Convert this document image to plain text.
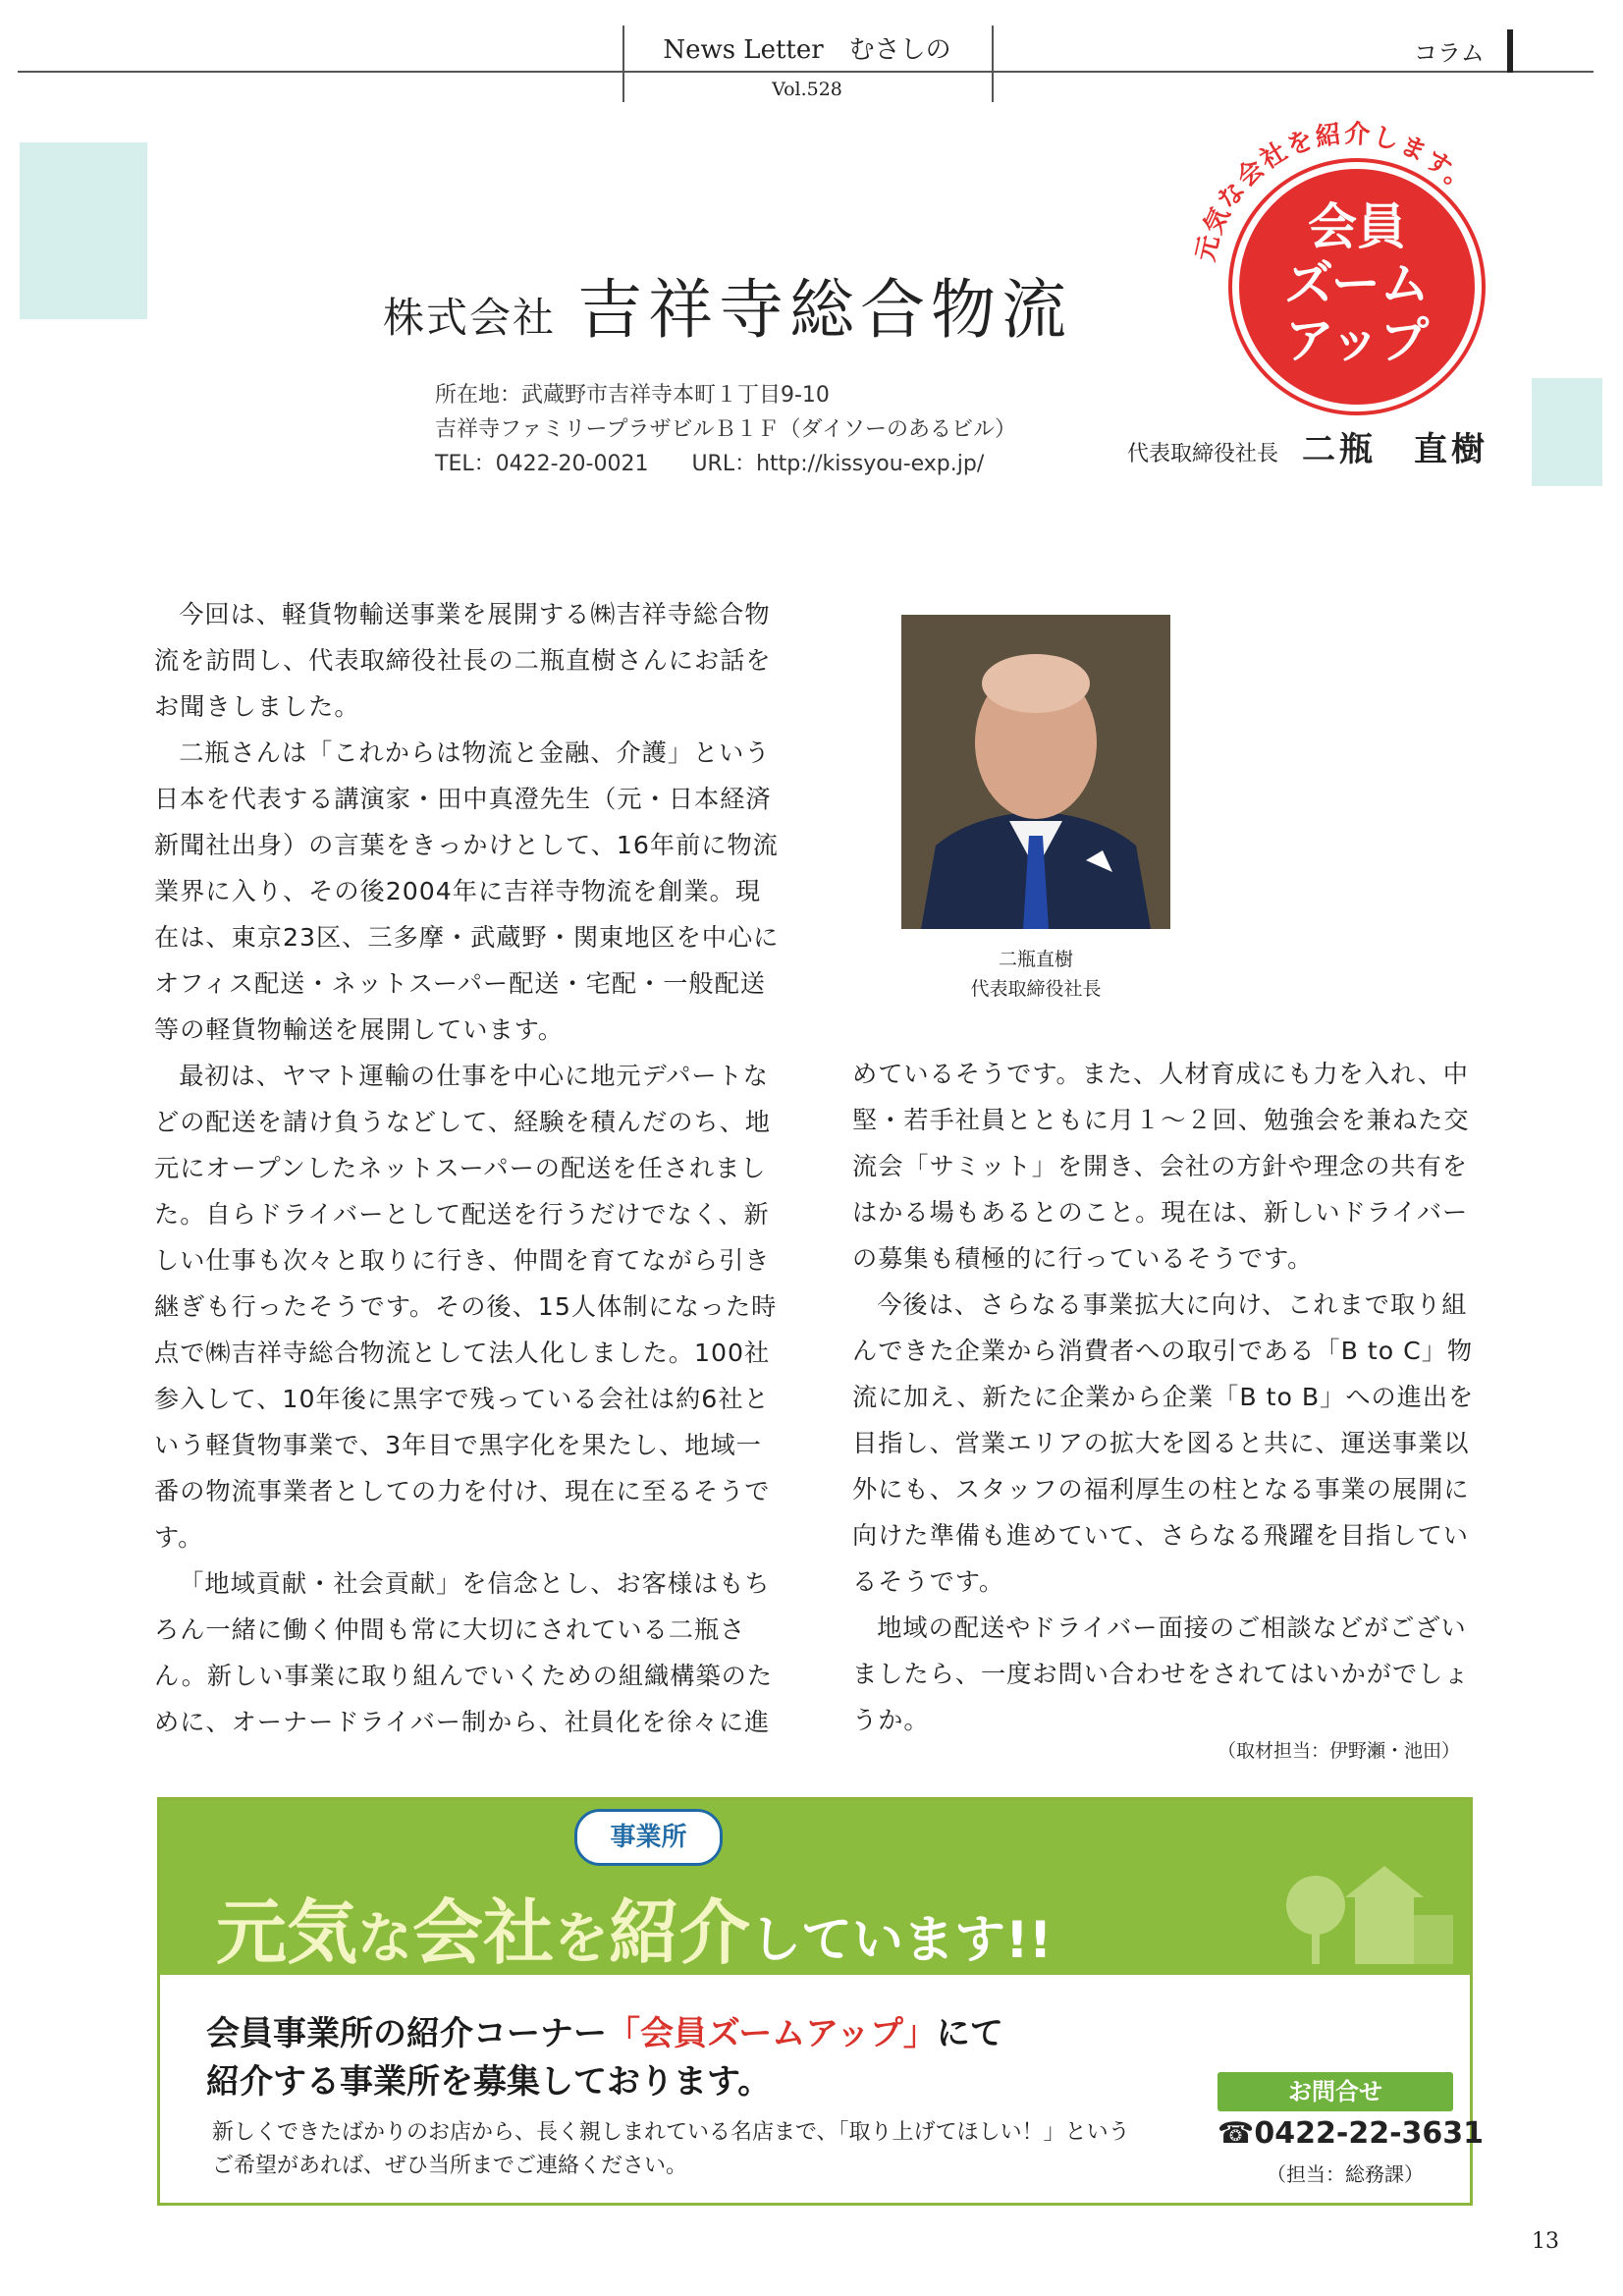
News Letter　むさしの
Vol.528
コラム
元気な会社を紹介します。
会員
ズーム
アップ
株式会社 吉祥寺総合物流
所在地：武蔵野市吉祥寺本町１丁目9-10
吉祥寺ファミリープラザビルＢ１Ｆ（ダイソーのあるビル）
TEL：0422-20-0021 URL：http://kissyou-exp.jp/	代表取締役社長 二瓶　直樹

今回は、軽貨物輸送事業を展開する㈱吉祥寺総合物流を訪問し、代表取締役社長の二瓶直樹さんにお話をお聞きしました。

二瓶さんは「これからは物流と金融、介護」という日本を代表する講演家・田中真澄先生（元・日本経済新聞社出身）の言葉をきっかけとして、16年前に物流業界に入り、その後2004年に吉祥寺物流を創業。現在は、東京23区、三多摩・武蔵野・関東地区を中心にオフィス配送・ネットスーパー配送・宅配・一般配送等の軽貨物輸送を展開しています。

最初は、ヤマト運輸の仕事を中心に地元デパートなどの配送を請け負うなどして、経験を積んだのち、地元にオープンしたネットスーパーの配送を任されました。自らドライバーとして配送を行うだけでなく、新しい仕事も次々と取りに行き、仲間を育てながら引き継ぎも行ったそうです。その後、15人体制になった時点で㈱吉祥寺総合物流として法人化しました。100社参入して、10年後に黒字で残っている会社は約6社という軽貨物事業で、3年目で黒字化を果たし、地域一番の物流事業者としての力を付け、現在に至るそうです。

「地域貢献・社会貢献」を信念とし、お客様はもちろん一緒に働く仲間も常に大切にされている二瓶さん。新しい事業に取り組んでいくための組織構築のために、オーナードライバー制から、社員化を徐々に進

二瓶直樹
代表取締役社長

めているそうです。また、人材育成にも力を入れ、中堅・若手社員とともに月１～２回、勉強会を兼ねた交流会「サミット」を開き、会社の方針や理念の共有をはかる場もあるとのこと。現在は、新しいドライバーの募集も積極的に行っているそうです。

今後は、さらなる事業拡大に向け、これまで取り組んできた企業から消費者への取引である「B to C」物流に加え、新たに企業から企業「B to B」への進出を目指し、営業エリアの拡大を図ると共に、運送事業以外にも、スタッフの福利厚生の柱となる事業の展開に向けた準備も進めていて、さらなる飛躍を目指しているそうです。

地域の配送やドライバー面接のご相談などがございましたら、一度お問い合わせをされてはいかがでしょうか。

（取材担当：伊野瀬・池田）
事業所
元気な会社を紹介しています!!
会員事業所の紹介コーナー「会員ズームアップ」にて
紹介する事業所を募集しております。
新しくできたばかりのお店から、長く親しまれている名店まで、「取り上げてほしい！」という
ご希望があれば、ぜひ当所までご連絡ください。
お問合せ
☎0422-22-3631
（担当：総務課）
13
